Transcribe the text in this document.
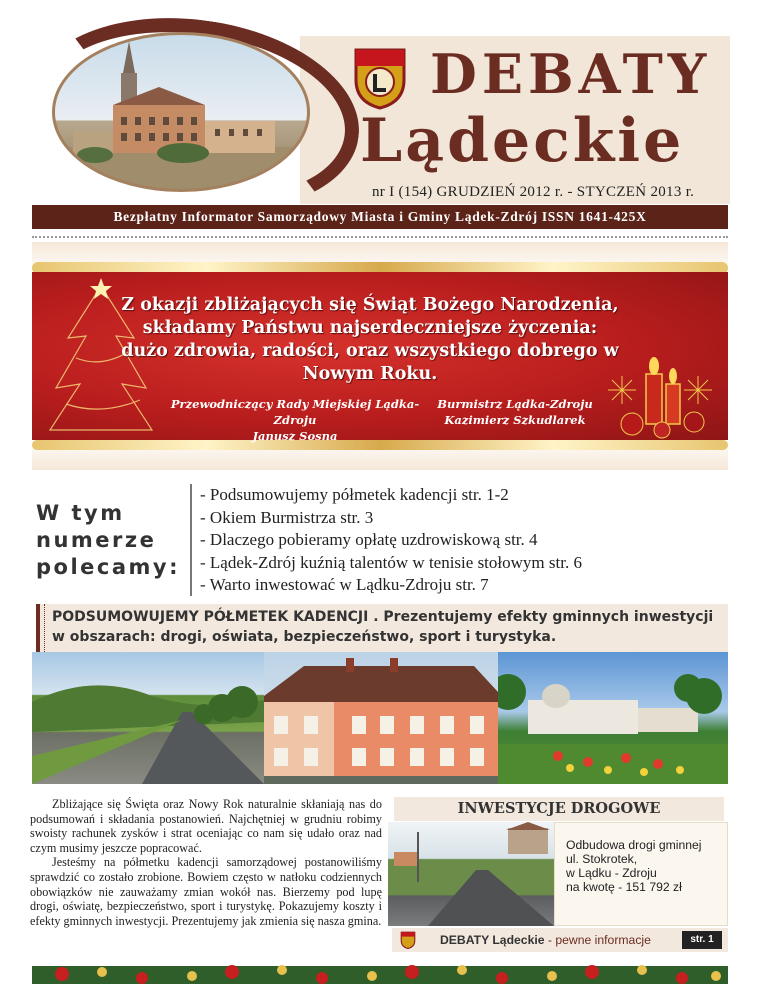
DEBATY
Lądeckie
nr I (154) GRUDZIEŃ 2012 r. - STYCZEŃ 2013 r.
Bezpłatny Informator Samorządowy Miasta i Gminy Lądek-Zdrój ISSN 1641-425X
Z okazji zbliżających się Świąt Bożego Narodzenia, składamy Państwu najserdeczniejsze życzenia: dużo zdrowia, radości, oraz wszystkiego dobrego w Nowym Roku.
Przewodniczący Rady Miejskiej Lądka-Zdroju
Janusz Sosna
Burmistrz Lądka-Zdroju
Kazimierz Szkudlarek
W tym
numerze
polecamy:
- Podsumowujemy półmetek kadencji str. 1-2
- Okiem Burmistrza str. 3
- Dlaczego pobieramy opłatę uzdrowiskową str. 4
- Lądek-Zdrój kuźnią talentów w tenisie stołowym str. 6
- Warto inwestować w Lądku-Zdroju str. 7
PODSUMOWUJEMY PÓŁMETEK KADENCJI . Prezentujemy efekty gminnych inwestycji w obszarach: drogi, oświata, bezpieczeństwo, sport i turystyka.

Zbliżające się Święta oraz Nowy Rok naturalnie skłaniają nas do podsumowań i składania postanowień. Najchętniej w grudniu robimy swoisty rachunek zysków i strat oceniając co nam się udało oraz nad czym musimy jeszcze popracować.

Jesteśmy na półmetku kadencji samorządowej postanowiliśmy sprawdzić co zostało zrobione. Bowiem często w natłoku codziennych obowiązków nie zauważamy zmian wokół nas. Bierzemy pod lupę drogi, oświatę, bezpieczeństwo, sport i turystykę. Pokazujemy koszty i efekty gminnych inwestycji. Prezentujemy jak zmienia się nasza gmina.

INWESTYCJE DROGOWE
Odbudowa drogi gminnej
ul. Stokrotek,
w Lądku - Zdroju
na kwotę - 151 792 zł
DEBATY Lądeckie - pewne informacje	str. 1
